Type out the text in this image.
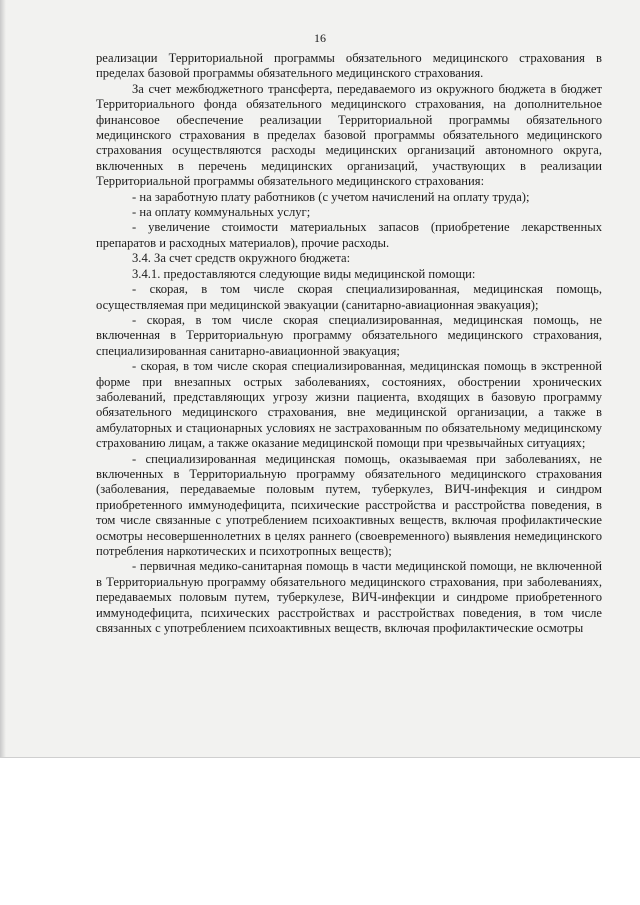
16

реализации Территориальной программы обязательного медицинского страхования в пределах базовой программы обязательного медицинского страхования.

За счет межбюджетного трансферта, передаваемого из окружного бюджета в бюджет Территориального фонда обязательного медицинского страхования, на дополнительное финансовое обеспечение реализации Территориальной программы обязательного медицинского страхования в пределах базовой программы обязательного медицинского страхования осуществляются расходы медицинских организаций автономного округа, включенных в перечень медицинских организаций, участвующих в реализации Территориальной программы обязательного медицинского страхования:

- на заработную плату работников (с учетом начислений на оплату труда);

- на оплату коммунальных услуг;

- увеличение стоимости материальных запасов (приобретение лекарственных препаратов и расходных материалов), прочие расходы.

3.4. За счет средств окружного бюджета:

3.4.1. предоставляются следующие виды медицинской помощи:

- скорая, в том числе скорая специализированная, медицинская помощь, осуществляемая при медицинской эвакуации (санитарно-авиационная эвакуация);

- скорая, в том числе скорая специализированная, медицинская помощь, не включенная в Территориальную программу обязательного медицинского страхования, специализированная санитарно-авиационной эвакуация;

- скорая, в том числе скорая специализированная, медицинская помощь в экстренной форме при внезапных острых заболеваниях, состояниях, обострении хронических заболеваний, представляющих угрозу жизни пациента, входящих в базовую программу обязательного медицинского страхования, вне медицинской организации, а также в амбулаторных и стационарных условиях не застрахованным по обязательному медицинскому страхованию лицам, а также оказание медицинской помощи при чрезвычайных ситуациях;

- специализированная медицинская помощь, оказываемая при заболеваниях, не включенных в Территориальную программу обязательного медицинского страхования (заболевания, передаваемые половым путем, туберкулез, ВИЧ-инфекция и синдром приобретенного иммунодефицита, психические расстройства и расстройства поведения, в том числе связанные с употреблением психоактивных веществ, включая профилактические осмотры несовершеннолетних в целях раннего (своевременного) выявления немедицинского потребления наркотических и психотропных веществ);

- первичная медико-санитарная помощь в части медицинской помощи, не включенной в Территориальную программу обязательного медицинского страхования, при заболеваниях, передаваемых половым путем, туберкулезе, ВИЧ-инфекции и синдроме приобретенного иммунодефицита, психических расстройствах и расстройствах поведения, в том числе связанных с употреблением психоактивных веществ, включая профилактические осмотры
